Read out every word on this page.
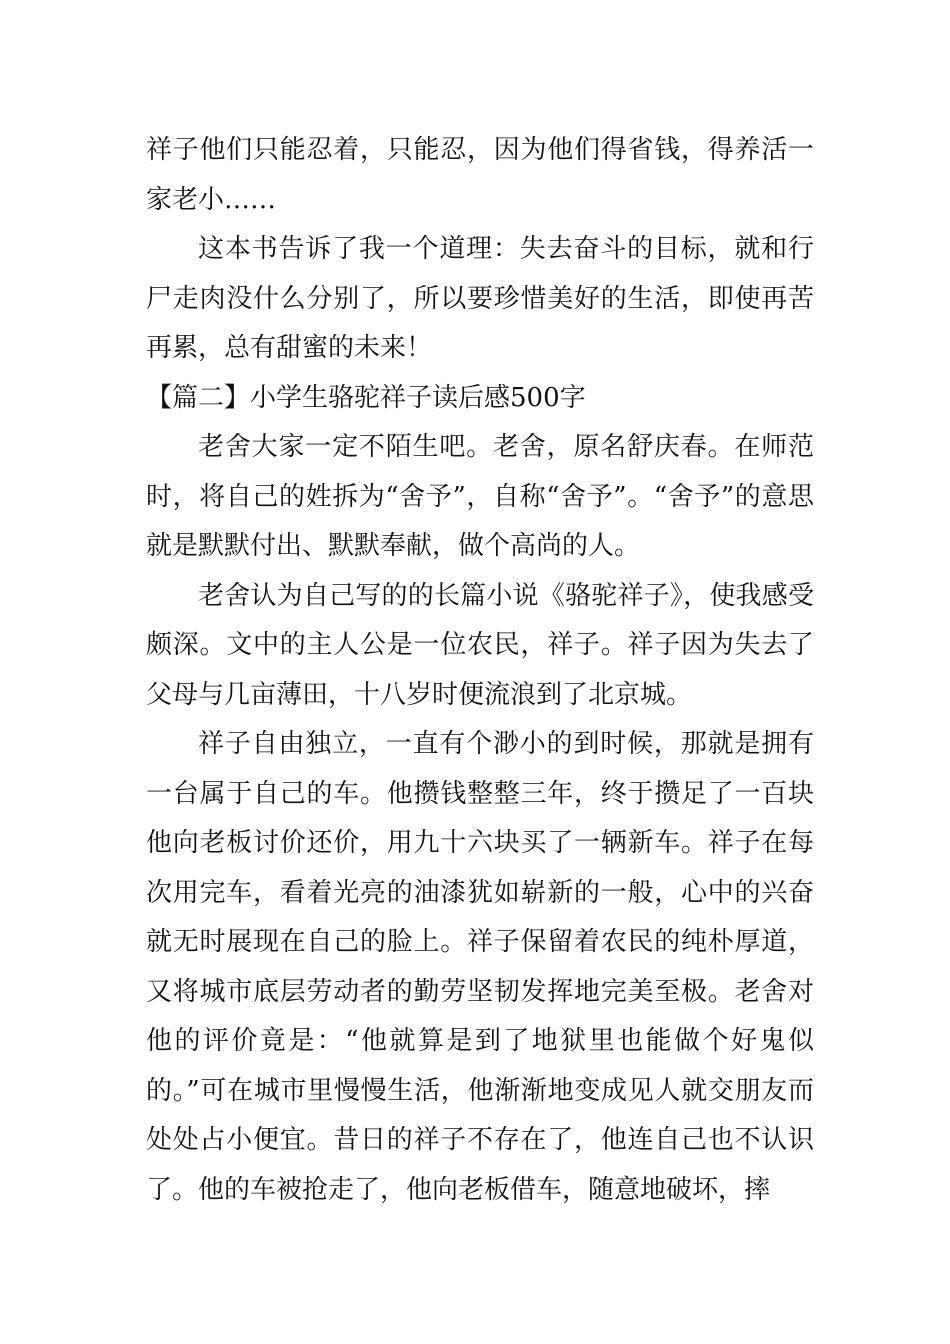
祥子他们只能忍着，只能忍，因为他们得省钱，得养活一家老小……

这本书告诉了我一个道理：失去奋斗的目标，就和行尸走肉没什么分别了，所以要珍惜美好的生活，即使再苦再累，总有甜蜜的未来！

【篇二】小学生骆驼祥子读后感500字

老舍大家一定不陌生吧。老舍，原名舒庆春。在师范时，将自己的姓拆为“舍予”，自称“舍予”。“舍予”的意思就是默默付出、默默奉献，做个高尚的人。

老舍认为自己写的的长篇小说《骆驼祥子》，使我感受颇深。文中的主人公是一位农民，祥子。祥子因为失去了父母与几亩薄田，十八岁时便流浪到了北京城。

祥子自由独立，一直有个渺小的到时候，那就是拥有一台属于自己的车。他攒钱整整三年，终于攒足了一百块他向老板讨价还价，用九十六块买了一辆新车。祥子在每次用完车，看着光亮的油漆犹如崭新的一般，心中的兴奋就无时展现在自己的脸上。祥子保留着农民的纯朴厚道，又将城市底层劳动者的勤劳坚韧发挥地完美至极。老舍对他的评价竟是：“他就算是到了地狱里也能做个好鬼似的。”可在城市里慢慢生活，他渐渐地变成见人就交朋友而处处占小便宜。昔日的祥子不存在了，他连自己也不认识了。他的车被抢走了，他向老板借车，随意地破坏，摔
